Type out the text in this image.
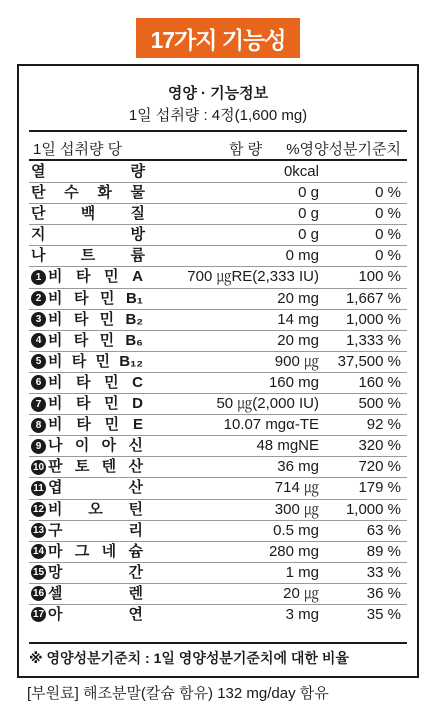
17가지 기능성
영양 · 기능정보
1일 섭취량 : 4정(1,600 mg)
1일 섭취량 당	함 량 %영양성분기준치
열	량	0kcal
탄 수 화 물	0 g	0 %
단 백 질	0 g	0 %
지	방	0 g	0 %
나 트 륨	0 mg	0 %
1 비 타 민 A	700 ㎍RE(2,333 IU)	100 %
2 비 타 민 B₁	20 mg 1,667 %
3 비 타 민 B₂	14 mg 1,000 %
4 비 타 민 B₆	20 mg 1,333 %
5 비 타 민 B₁₂	900 ㎍ 37,500 %
6 비 타 민 C	160 mg	160 %
7 비 타 민 D	50 ㎍(2,000 IU)	500 %
8 비 타 민 E	10.07 mgα-TE	92 %
9 나 이 아 신	48 mgNE	320 %
10 판 토 텐 산	36 mg	720 %
11 엽	산	714 ㎍	179 %
12 비 오 틴	300 ㎍ 1,000 %
13 구	리	0.5 mg	63 %
14 마 그 네 슘	280 mg	89 %
15 망	간	1 mg	33 %
16 셀	렌	20 ㎍	36 %
17 아	연	3 mg	35 %
※ 영양성분기준치 : 1일 영양성분기준치에 대한 비율
[부원료] 해조분말(칼슘 함유) 132 mg/day 함유
